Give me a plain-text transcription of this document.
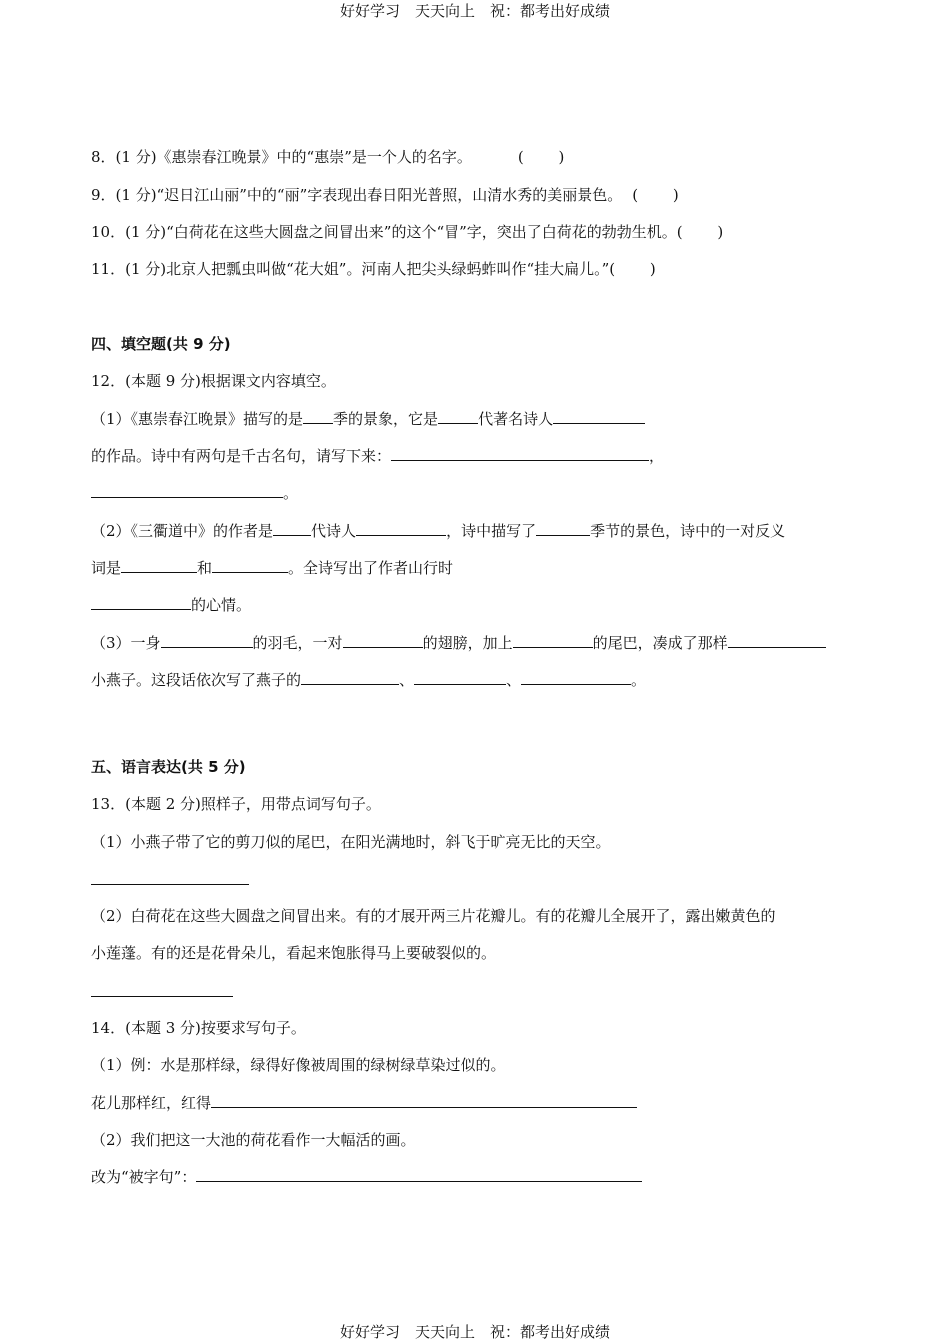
好好学习　天天向上　祝：都考出好成绩
8．(1 分)《惠崇春江晚景》中的“惠崇”是一个人的名字。	(　　 )
9．(1 分)“迟日江山丽”中的“丽”字表现出春日阳光普照，山清水秀的美丽景色。 (　　 )
10．(1 分)“白荷花在这些大圆盘之间冒出来”的这个“冒”字，突出了白荷花的勃勃生机。(　　 )
11．(1 分)北京人把瓢虫叫做“花大姐”。河南人把尖头绿蚂蚱叫作“挂大扁儿。”(　　 )
四、填空题(共 9 分)
12．(本题 9 分)根据课文内容填空。
（1）《惠崇春江晚景》描写的是 季的景象，它是	代著名诗人
的作品。诗中有两句是千古名句，请写下来：	，
。
（2）《三衢道中》的作者是	代诗人	，诗中描写了	季节的景色，诗中的一对反义
词是	和	。全诗写出了作者山行时
的心情。
（3）一身	的羽毛，一对	的翅膀，加上	的尾巴，凑成了那样
小燕子。这段话依次写了燕子的	、	、	。
五、语言表达(共 5 分)
13．(本题 2 分)照样子，用带点词写句子。
（1）小燕子带了它的剪刀似的尾巴，在阳光满地时，斜飞于旷亮无比的天空。
（2）白荷花在这些大圆盘之间冒出来。有的才展开两三片花瓣儿。有的花瓣儿全展开了，露出嫩黄色的
小莲蓬。有的还是花骨朵儿，看起来饱胀得马上要破裂似的。
14．(本题 3 分)按要求写句子。
（1）例：水是那样绿，绿得好像被周围的绿树绿草染过似的。
花儿那样红，红得
（2）我们把这一大池的荷花看作一大幅活的画。
改为“被字句”：
好好学习　天天向上　祝：都考出好成绩
